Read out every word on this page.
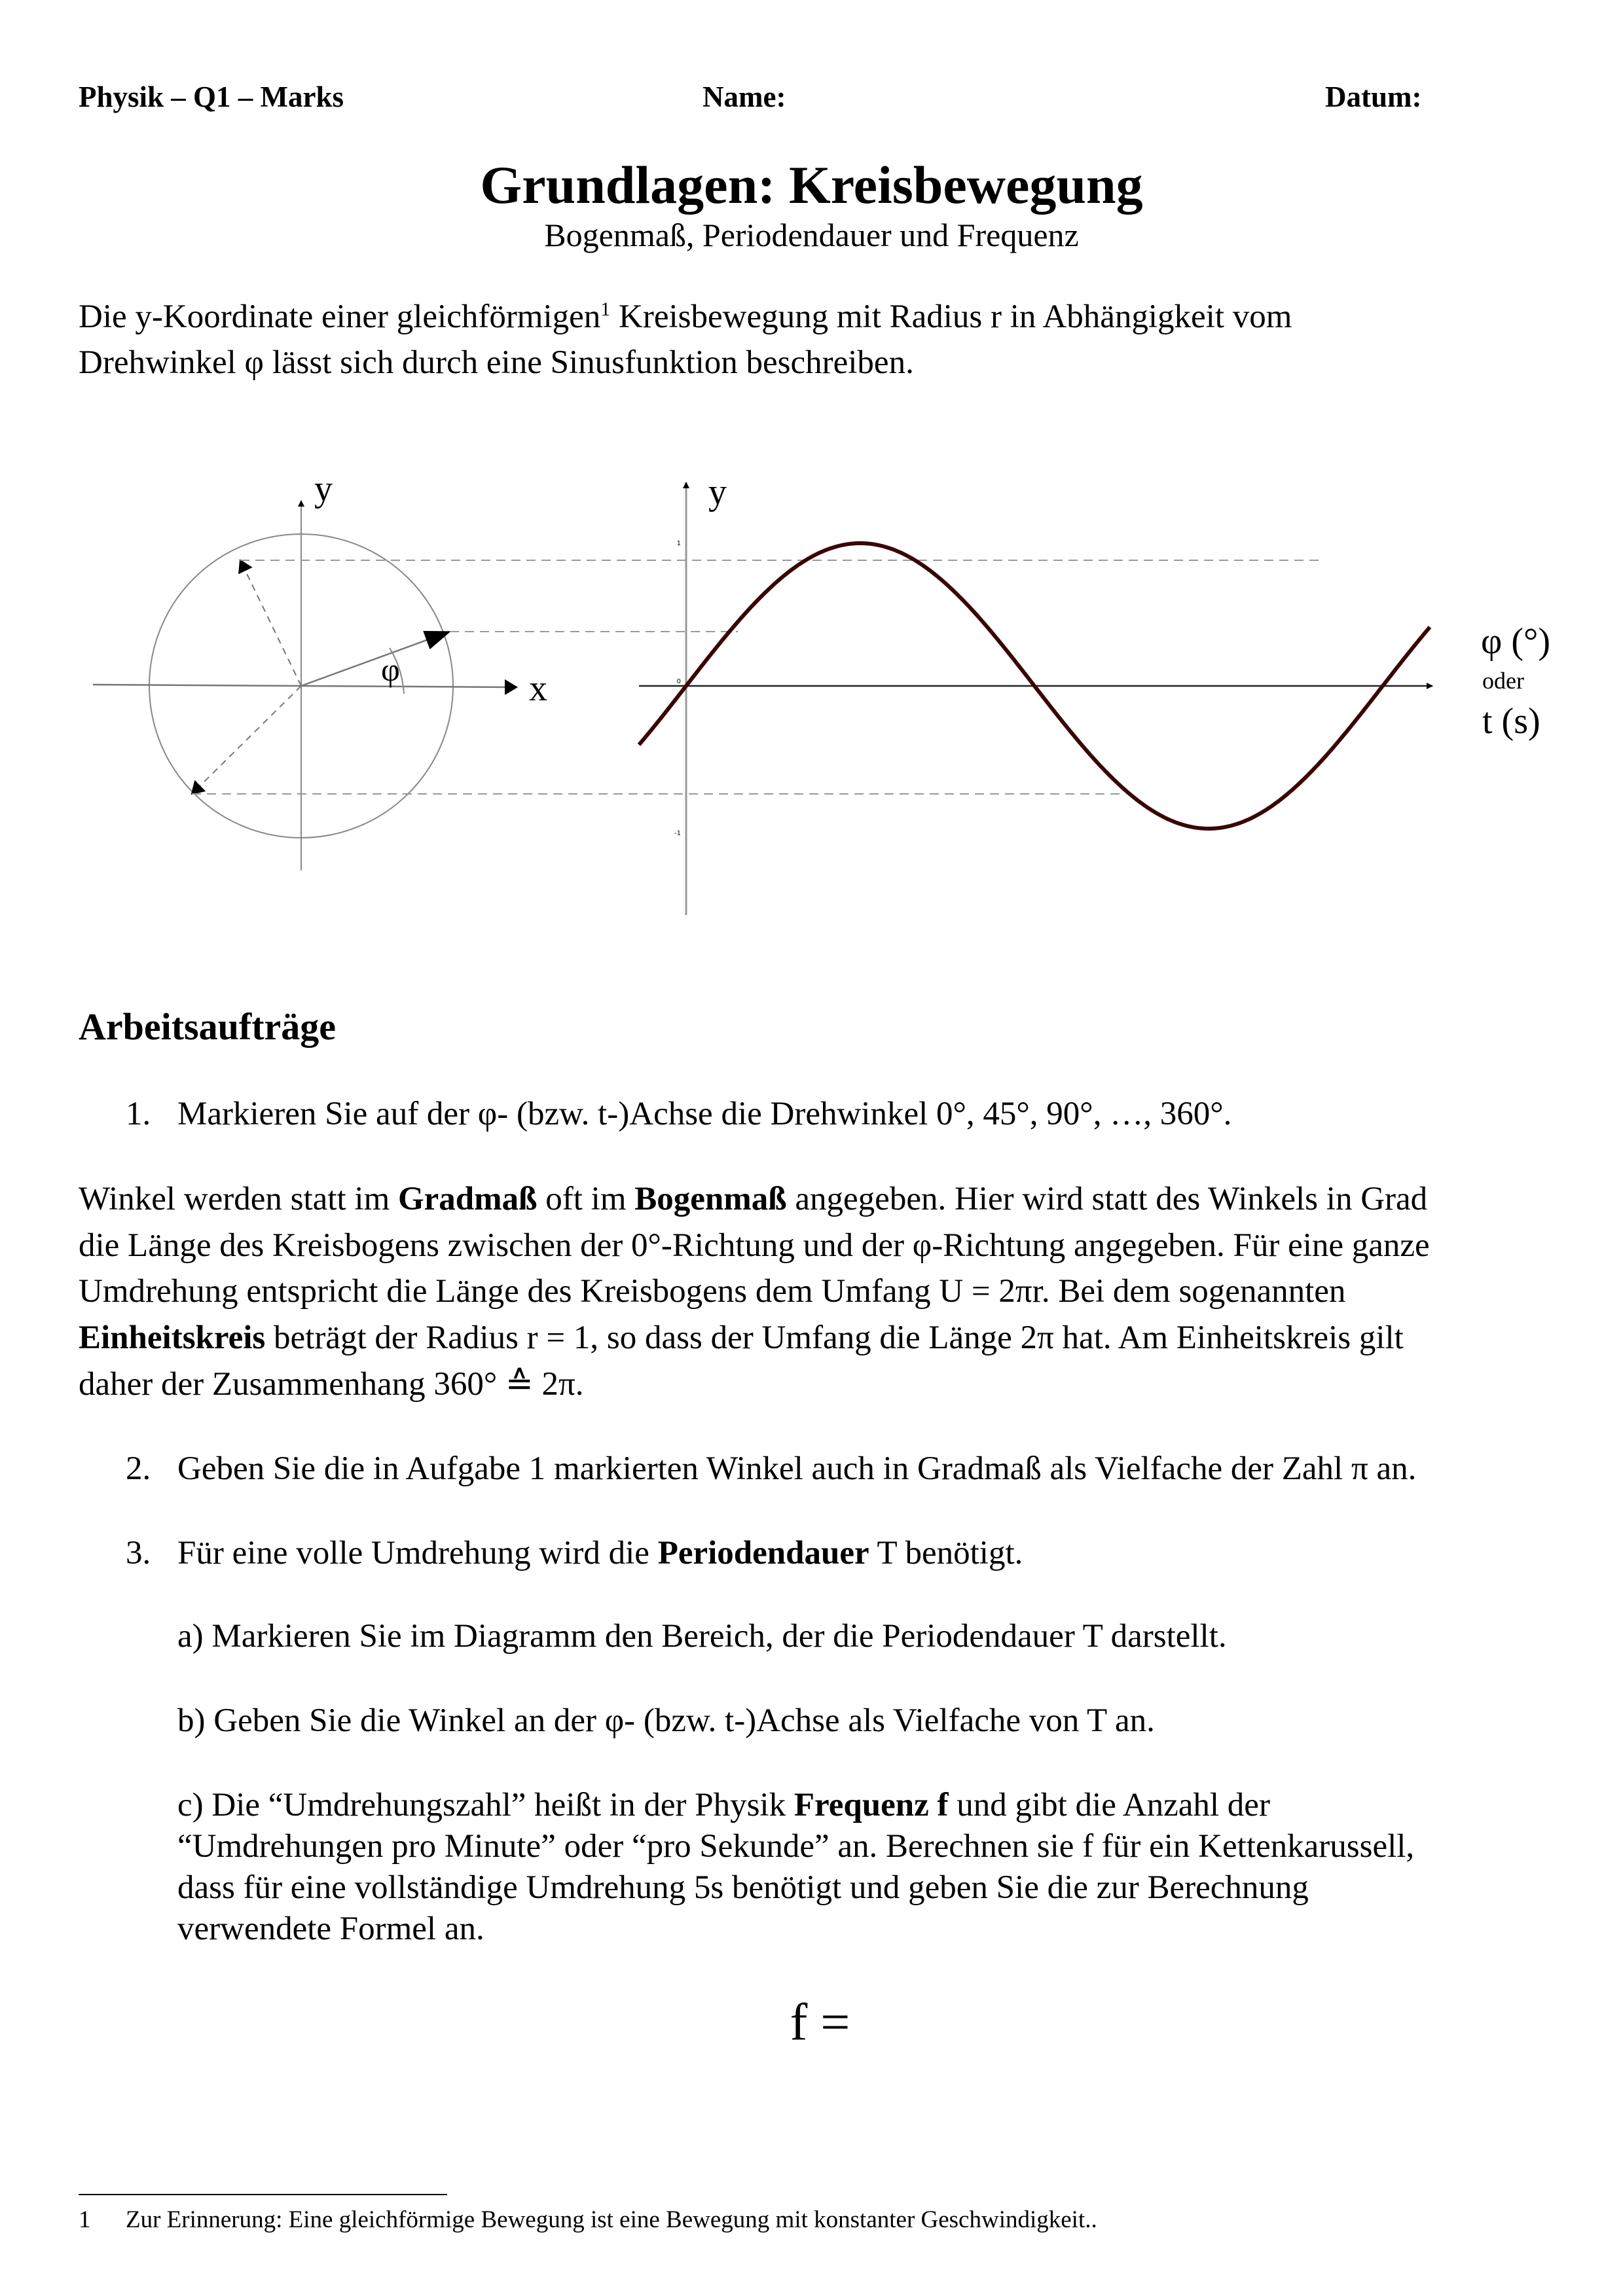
Physik – Q1 – Marks	Name:	Datum:
Grundlagen: Kreisbewegung
Bogenmaß, Periodendauer und Frequenz
Die y-Koordinate einer gleichförmigen$^1$ Kreisbewegung mit Radius r in Abhängigkeit vom
Drehwinkel φ lässt sich durch eine Sinusfunktion beschreiben.
y
x
φ
y
1
0
-1
φ (°)
oder
t (s)
Arbeitsaufträge
1. Markieren Sie auf der φ- (bzw. t-)Achse die Drehwinkel 0°, 45°, 90°, …, 360°.
Winkel werden statt im Gradmaß oft im Bogenmaß angegeben. Hier wird statt des Winkels in Grad
die Länge des Kreisbogens zwischen der 0°-Richtung und der φ-Richtung angegeben. Für eine ganze
Umdrehung entspricht die Länge des Kreisbogens dem Umfang U = 2πr. Bei dem sogenannten
Einheitskreis beträgt der Radius r = 1, so dass der Umfang die Länge 2π hat. Am Einheitskreis gilt
daher der Zusammenhang 360° ≙ 2π.
2. Geben Sie die in Aufgabe 1 markierten Winkel auch in Gradmaß als Vielfache der Zahl π an.
3. Für eine volle Umdrehung wird die Periodendauer T benötigt.
a) Markieren Sie im Diagramm den Bereich, der die Periodendauer T darstellt.
b) Geben Sie die Winkel an der φ- (bzw. t-)Achse als Vielfache von T an.
c) Die “Umdrehungszahl” heißt in der Physik Frequenz f und gibt die Anzahl der
“Umdrehungen pro Minute” oder “pro Sekunde” an. Berechnen sie f für ein Kettenkarussell,
dass für eine vollständige Umdrehung 5s benötigt und geben Sie die zur Berechnung
verwendete Formel an.
f =
1 Zur Erinnerung: Eine gleichförmige Bewegung ist eine Bewegung mit konstanter Geschwindigkeit..
